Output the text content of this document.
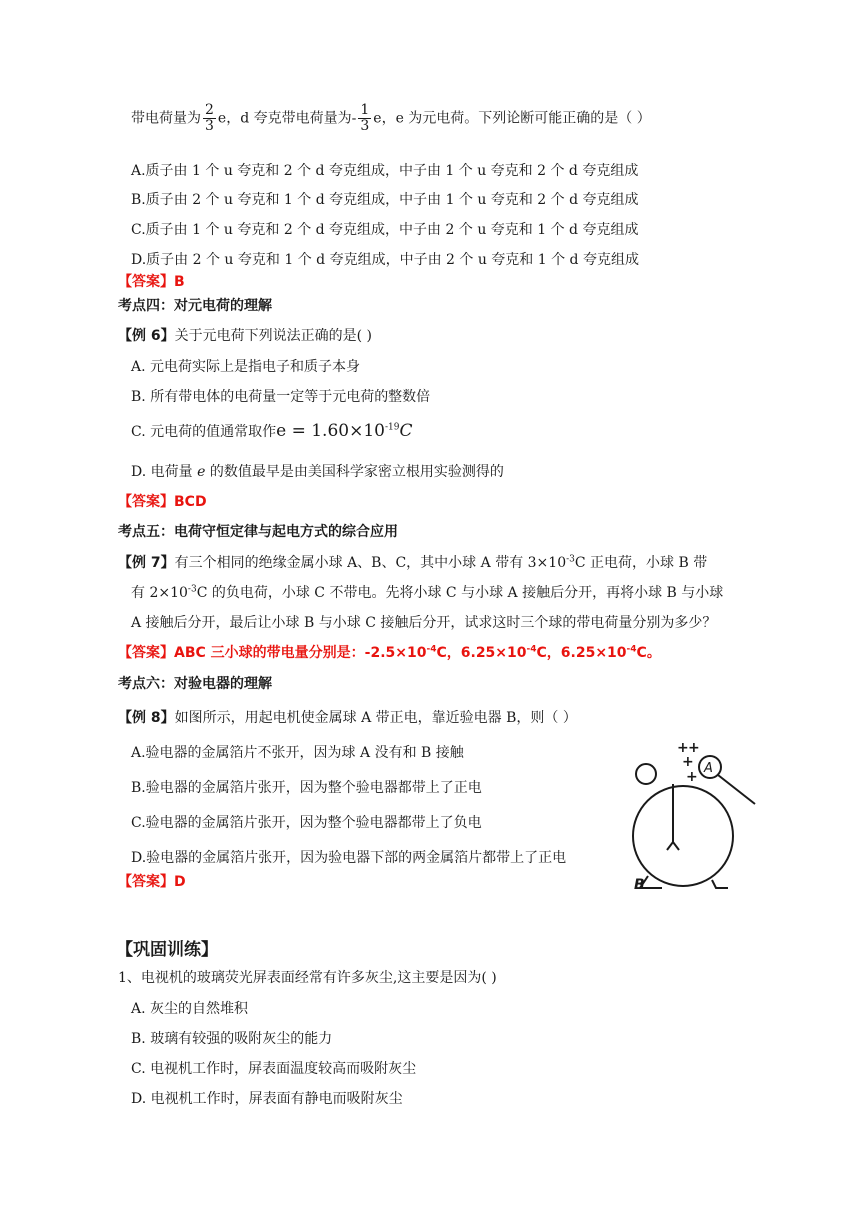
带电荷量为 $\frac{2}{3}$ e，d 夸克带电荷量为- $\frac{1}{3}$ e，e 为元电荷。下列论断可能正确的是（ ）
A.质子由 1 个 u 夸克和 2 个 d 夸克组成，中子由 1 个 u 夸克和 2 个 d 夸克组成
B.质子由 2 个 u 夸克和 1 个 d 夸克组成，中子由 1 个 u 夸克和 2 个 d 夸克组成
C.质子由 1 个 u 夸克和 2 个 d 夸克组成，中子由 2 个 u 夸克和 1 个 d 夸克组成
D.质子由 2 个 u 夸克和 1 个 d 夸克组成，中子由 2 个 u 夸克和 1 个 d 夸克组成
【答案】B
考点四：对元电荷的理解
【例 6】关于元电荷下列说法正确的是( )
A. 元电荷实际上是指电子和质子本身
B. 所有带电体的电荷量一定等于元电荷的整数倍
C. 元电荷的值通常取作$e = 1.60\times 10^{-19}C$
D. 电荷量 e 的数值最早是由美国科学家密立根用实验测得的
【答案】BCD
考点五：电荷守恒定律与起电方式的综合应用
【例 7】有三个相同的绝缘金属小球 A、B、C，其中小球 A 带有 $3\times 10^{-3}C$ 正电荷，小球 B 带
有 $2\times 10^{-3}C$ 的负电荷，小球 C 不带电。先将小球 C 与小球 A 接触后分开，再将小球 B 与小球
A 接触后分开，最后让小球 B 与小球 C 接触后分开，试求这时三个球的带电荷量分别为多少？
【答案】ABC 三小球的带电量分别是：$-2.5\times 10^{-4}C$，$6.25\times 10^{-4}C$，$6.25\times 10^{-4}C$。
考点六：对验电器的理解
【例 8】如图所示，用起电机使金属球 A 带正电，靠近验电器 B，则（ ）
A.验电器的金属箔片不张开，因为球 A 没有和 B 接触
B.验电器的金属箔片张开，因为整个验电器都带上了正电
C.验电器的金属箔片张开，因为整个验电器都带上了负电
D.验电器的金属箔片张开，因为验电器下部的两金属箔片都带上了正电
【答案】D
A
B
+ +
+
+
【巩固训练】
1、电视机的玻璃荧光屏表面经常有许多灰尘,这主要是因为( )
A. 灰尘的自然堆积
B. 玻璃有较强的吸附灰尘的能力
C. 电视机工作时，屏表面温度较高而吸附灰尘
D. 电视机工作时，屏表面有静电而吸附灰尘
